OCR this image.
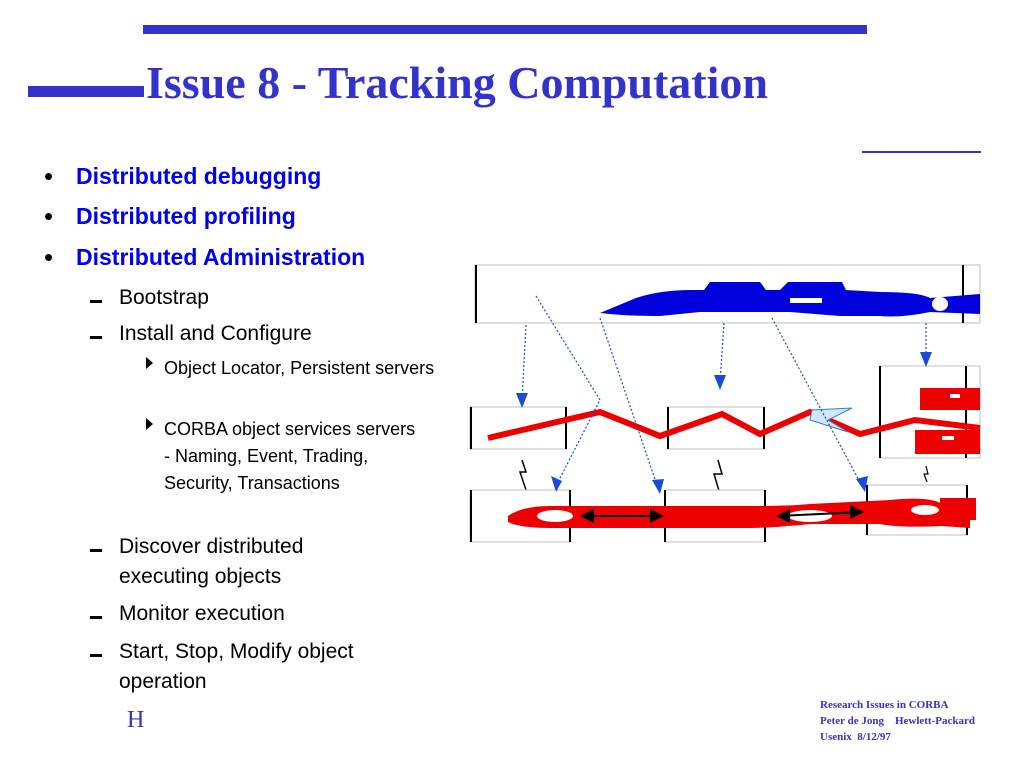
Issue 8 - Tracking Computation
• Distributed debugging
• Distributed profiling
• Distributed Administration
Bootstrap
Install and Configure
Object Locator, Persistent servers
CORBA object services servers - Naming, Event, Trading, Security, Transactions
Discover distributed executing objects
Monitor execution
Start, Stop, Modify object operation
H
Research Issues in CORBA
Peter de Jong    Hewlett-Packard
Usenix  8/12/97
